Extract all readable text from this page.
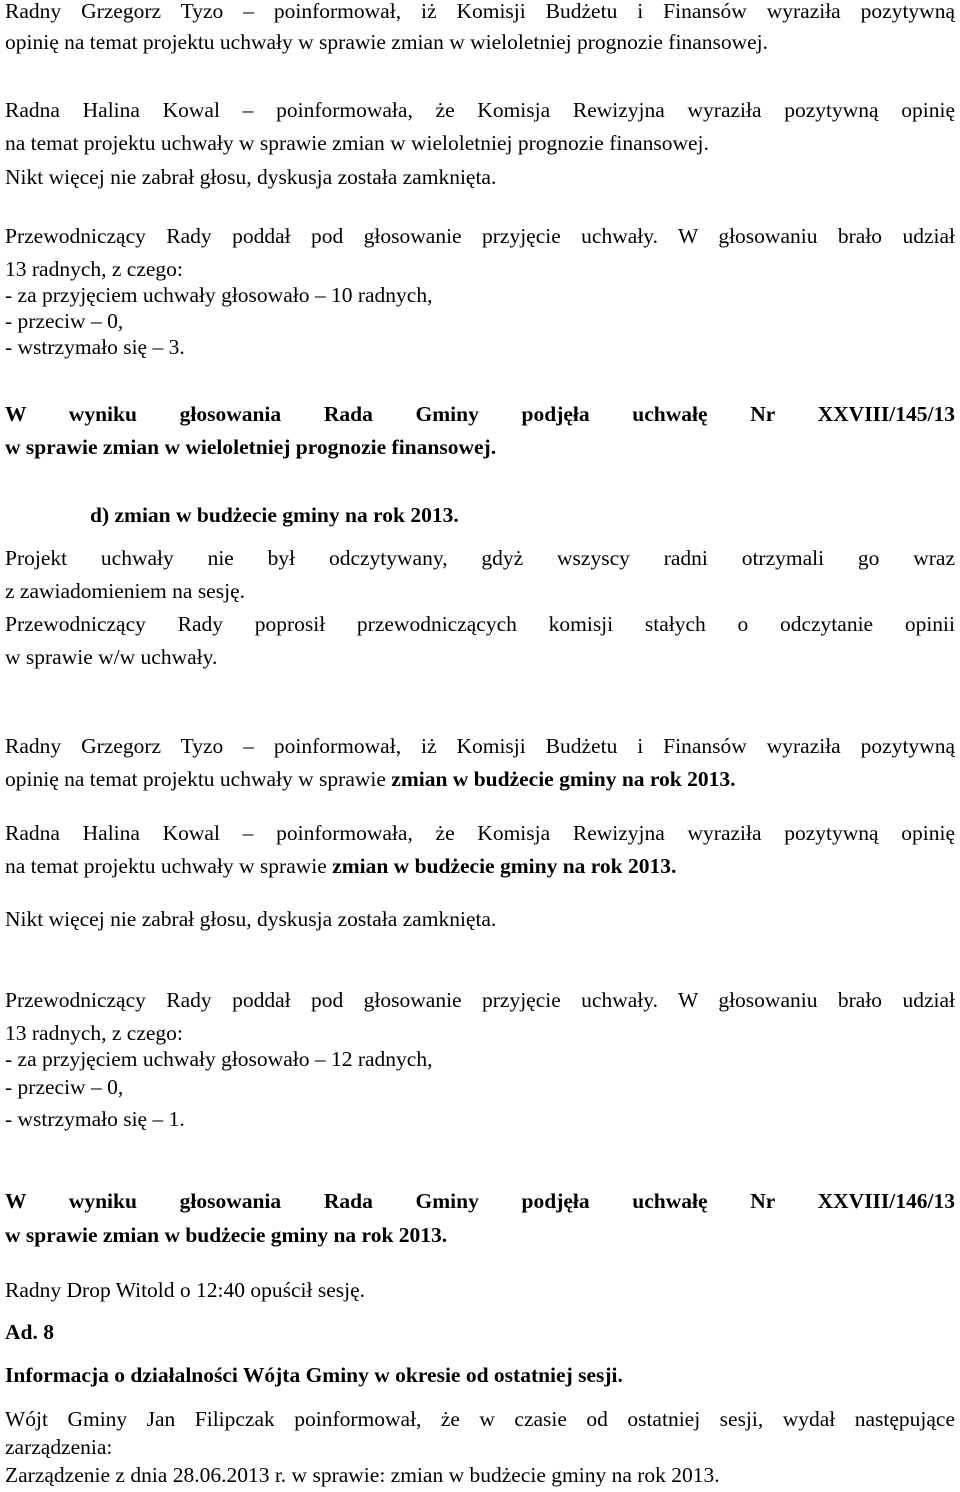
Radny Grzegorz Tyzo – poinformował, iż Komisji Budżetu i Finansów wyraziła pozytywną
opinię na temat projektu uchwały w sprawie zmian w wieloletniej prognozie finansowej.
Radna Halina Kowal – poinformowała, że Komisja Rewizyjna wyraziła pozytywną opinię
na temat projektu uchwały w sprawie zmian w wieloletniej prognozie finansowej.
Nikt więcej nie zabrał głosu, dyskusja została zamknięta.
Przewodniczący Rady poddał pod głosowanie przyjęcie uchwały. W głosowaniu brało udział
13 radnych, z czego:
- za przyjęciem uchwały głosowało – 10 radnych,
- przeciw – 0,
- wstrzymało się – 3.
W wyniku głosowania Rada Gminy podjęła uchwałę Nr XXVIII/145/13
w sprawie zmian w wieloletniej prognozie finansowej.
d) zmian w budżecie gminy na rok 2013.
Projekt uchwały nie był odczytywany, gdyż wszyscy radni otrzymali go wraz
z zawiadomieniem na sesję.
Przewodniczący Rady poprosił przewodniczących komisji stałych o odczytanie opinii
w sprawie w/w uchwały.
Radny Grzegorz Tyzo – poinformował, iż Komisji Budżetu i Finansów wyraziła pozytywną
opinię na temat projektu uchwały w sprawie zmian w budżecie gminy na rok 2013.
Radna Halina Kowal – poinformowała, że Komisja Rewizyjna wyraziła pozytywną opinię
na temat projektu uchwały w sprawie zmian w budżecie gminy na rok 2013.
Nikt więcej nie zabrał głosu, dyskusja została zamknięta.
Przewodniczący Rady poddał pod głosowanie przyjęcie uchwały. W głosowaniu brało udział
13 radnych, z czego:
- za przyjęciem uchwały głosowało – 12 radnych,
- przeciw – 0,
- wstrzymało się – 1.
W wyniku głosowania Rada Gminy podjęła uchwałę Nr XXVIII/146/13
w sprawie zmian w budżecie gminy na rok 2013.
Radny Drop Witold o 12:40 opuścił sesję.
Ad. 8
Informacja o działalności Wójta Gminy w okresie od ostatniej sesji.
Wójt Gminy Jan Filipczak poinformował, że w czasie od ostatniej sesji, wydał następujące
zarządzenia:
Zarządzenie z dnia 28.06.2013 r. w sprawie: zmian w budżecie gminy na rok 2013.
